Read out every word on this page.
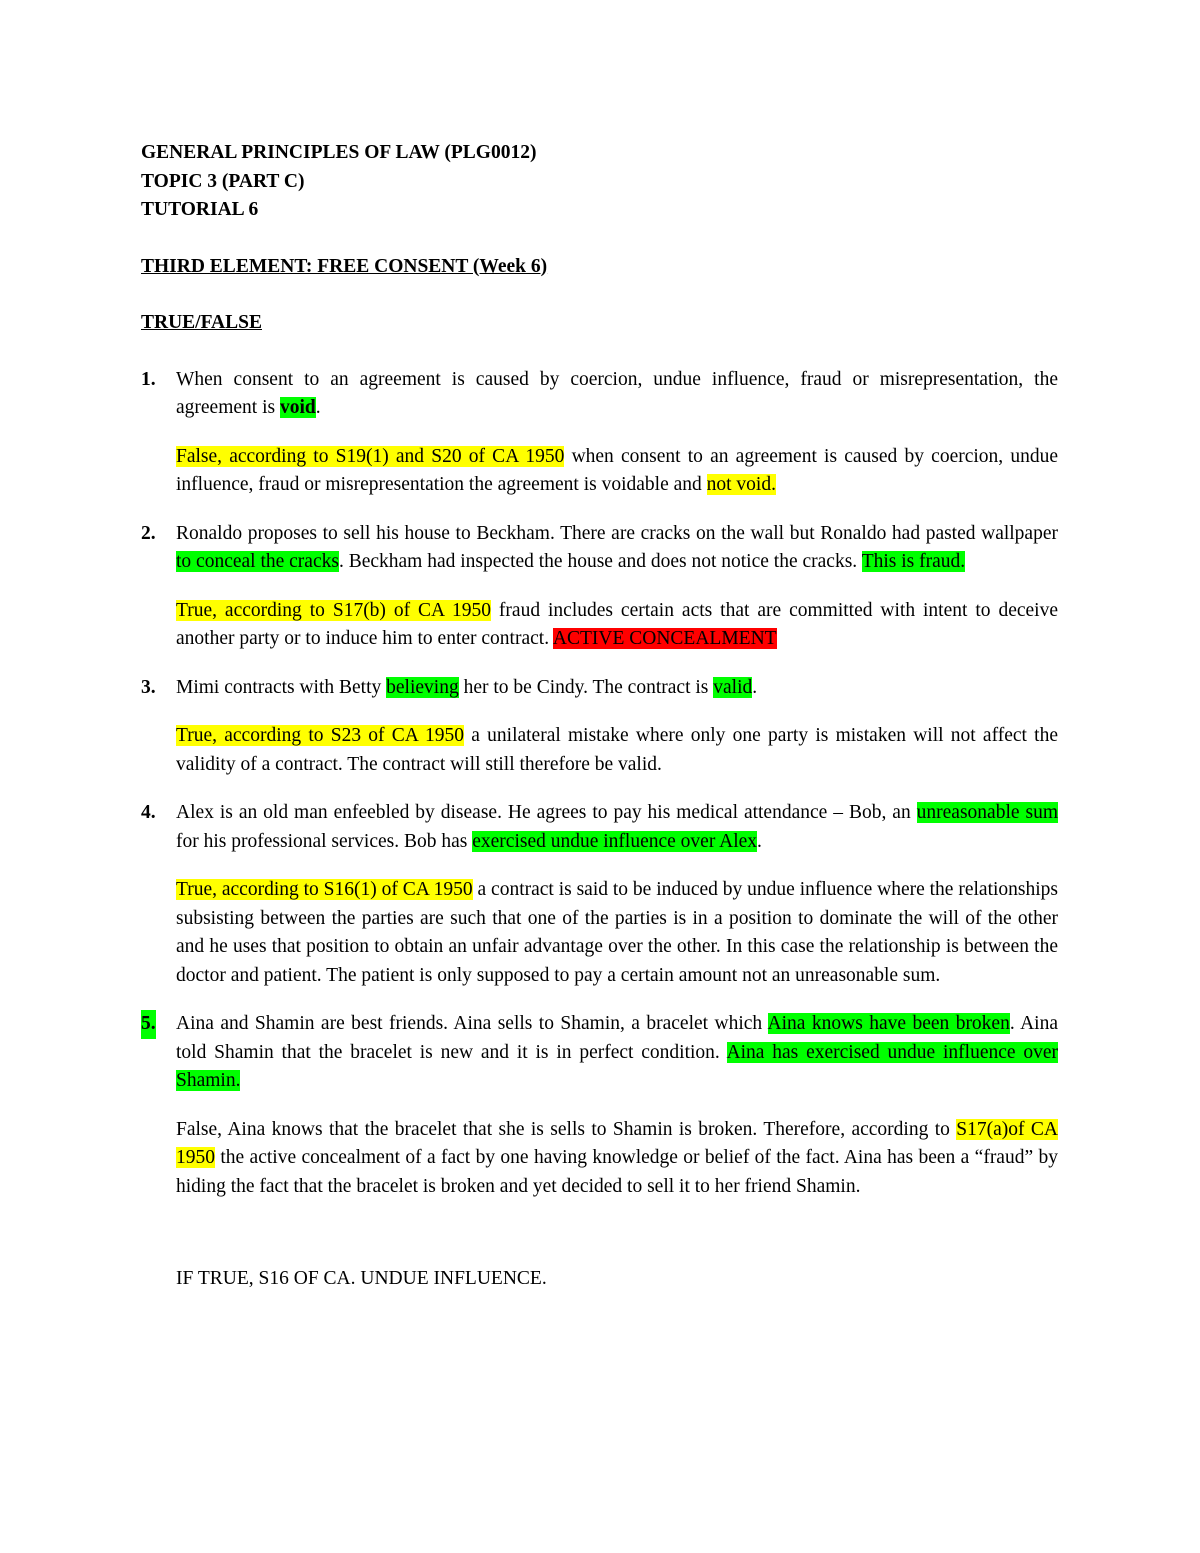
GENERAL PRINCIPLES OF LAW (PLG0012)

TOPIC 3 (PART C)

TUTORIAL 6

THIRD ELEMENT: FREE CONSENT (Week 6)

TRUE/FALSE

1. When consent to an agreement is caused by coercion, undue influence, fraud or misrepresentation, the agreement is void.

False, according to S19(1) and S20 of CA 1950 when consent to an agreement is caused by coercion, undue influence, fraud or misrepresentation the agreement is voidable and not void.

2. Ronaldo proposes to sell his house to Beckham. There are cracks on the wall but Ronaldo had pasted wallpaper to conceal the cracks. Beckham had inspected the house and does not notice the cracks. This is fraud.

True, according to S17(b) of CA 1950 fraud includes certain acts that are committed with intent to deceive another party or to induce him to enter contract. ACTIVE CONCEALMENT

3. Mimi contracts with Betty believing her to be Cindy. The contract is valid.

True, according to S23 of CA 1950 a unilateral mistake where only one party is mistaken will not affect the validity of a contract. The contract will still therefore be valid.

4. Alex is an old man enfeebled by disease. He agrees to pay his medical attendance – Bob, an unreasonable sum for his professional services. Bob has exercised undue influence over Alex.

True, according to S16(1) of CA 1950 a contract is said to be induced by undue influence where the relationships subsisting between the parties are such that one of the parties is in a position to dominate the will of the other and he uses that position to obtain an unfair advantage over the other. In this case the relationship is between the doctor and patient. The patient is only supposed to pay a certain amount not an unreasonable sum.

5. Aina and Shamin are best friends. Aina sells to Shamin, a bracelet which Aina knows have been broken. Aina told Shamin that the bracelet is new and it is in perfect condition. Aina has exercised undue influence over Shamin.

False, Aina knows that the bracelet that she is sells to Shamin is broken. Therefore, according to S17(a)of CA 1950 the active concealment of a fact by one having knowledge or belief of the fact. Aina has been a “fraud” by hiding the fact that the bracelet is broken and yet decided to sell it to her friend Shamin.

IF TRUE, S16 OF CA. UNDUE INFLUENCE.
